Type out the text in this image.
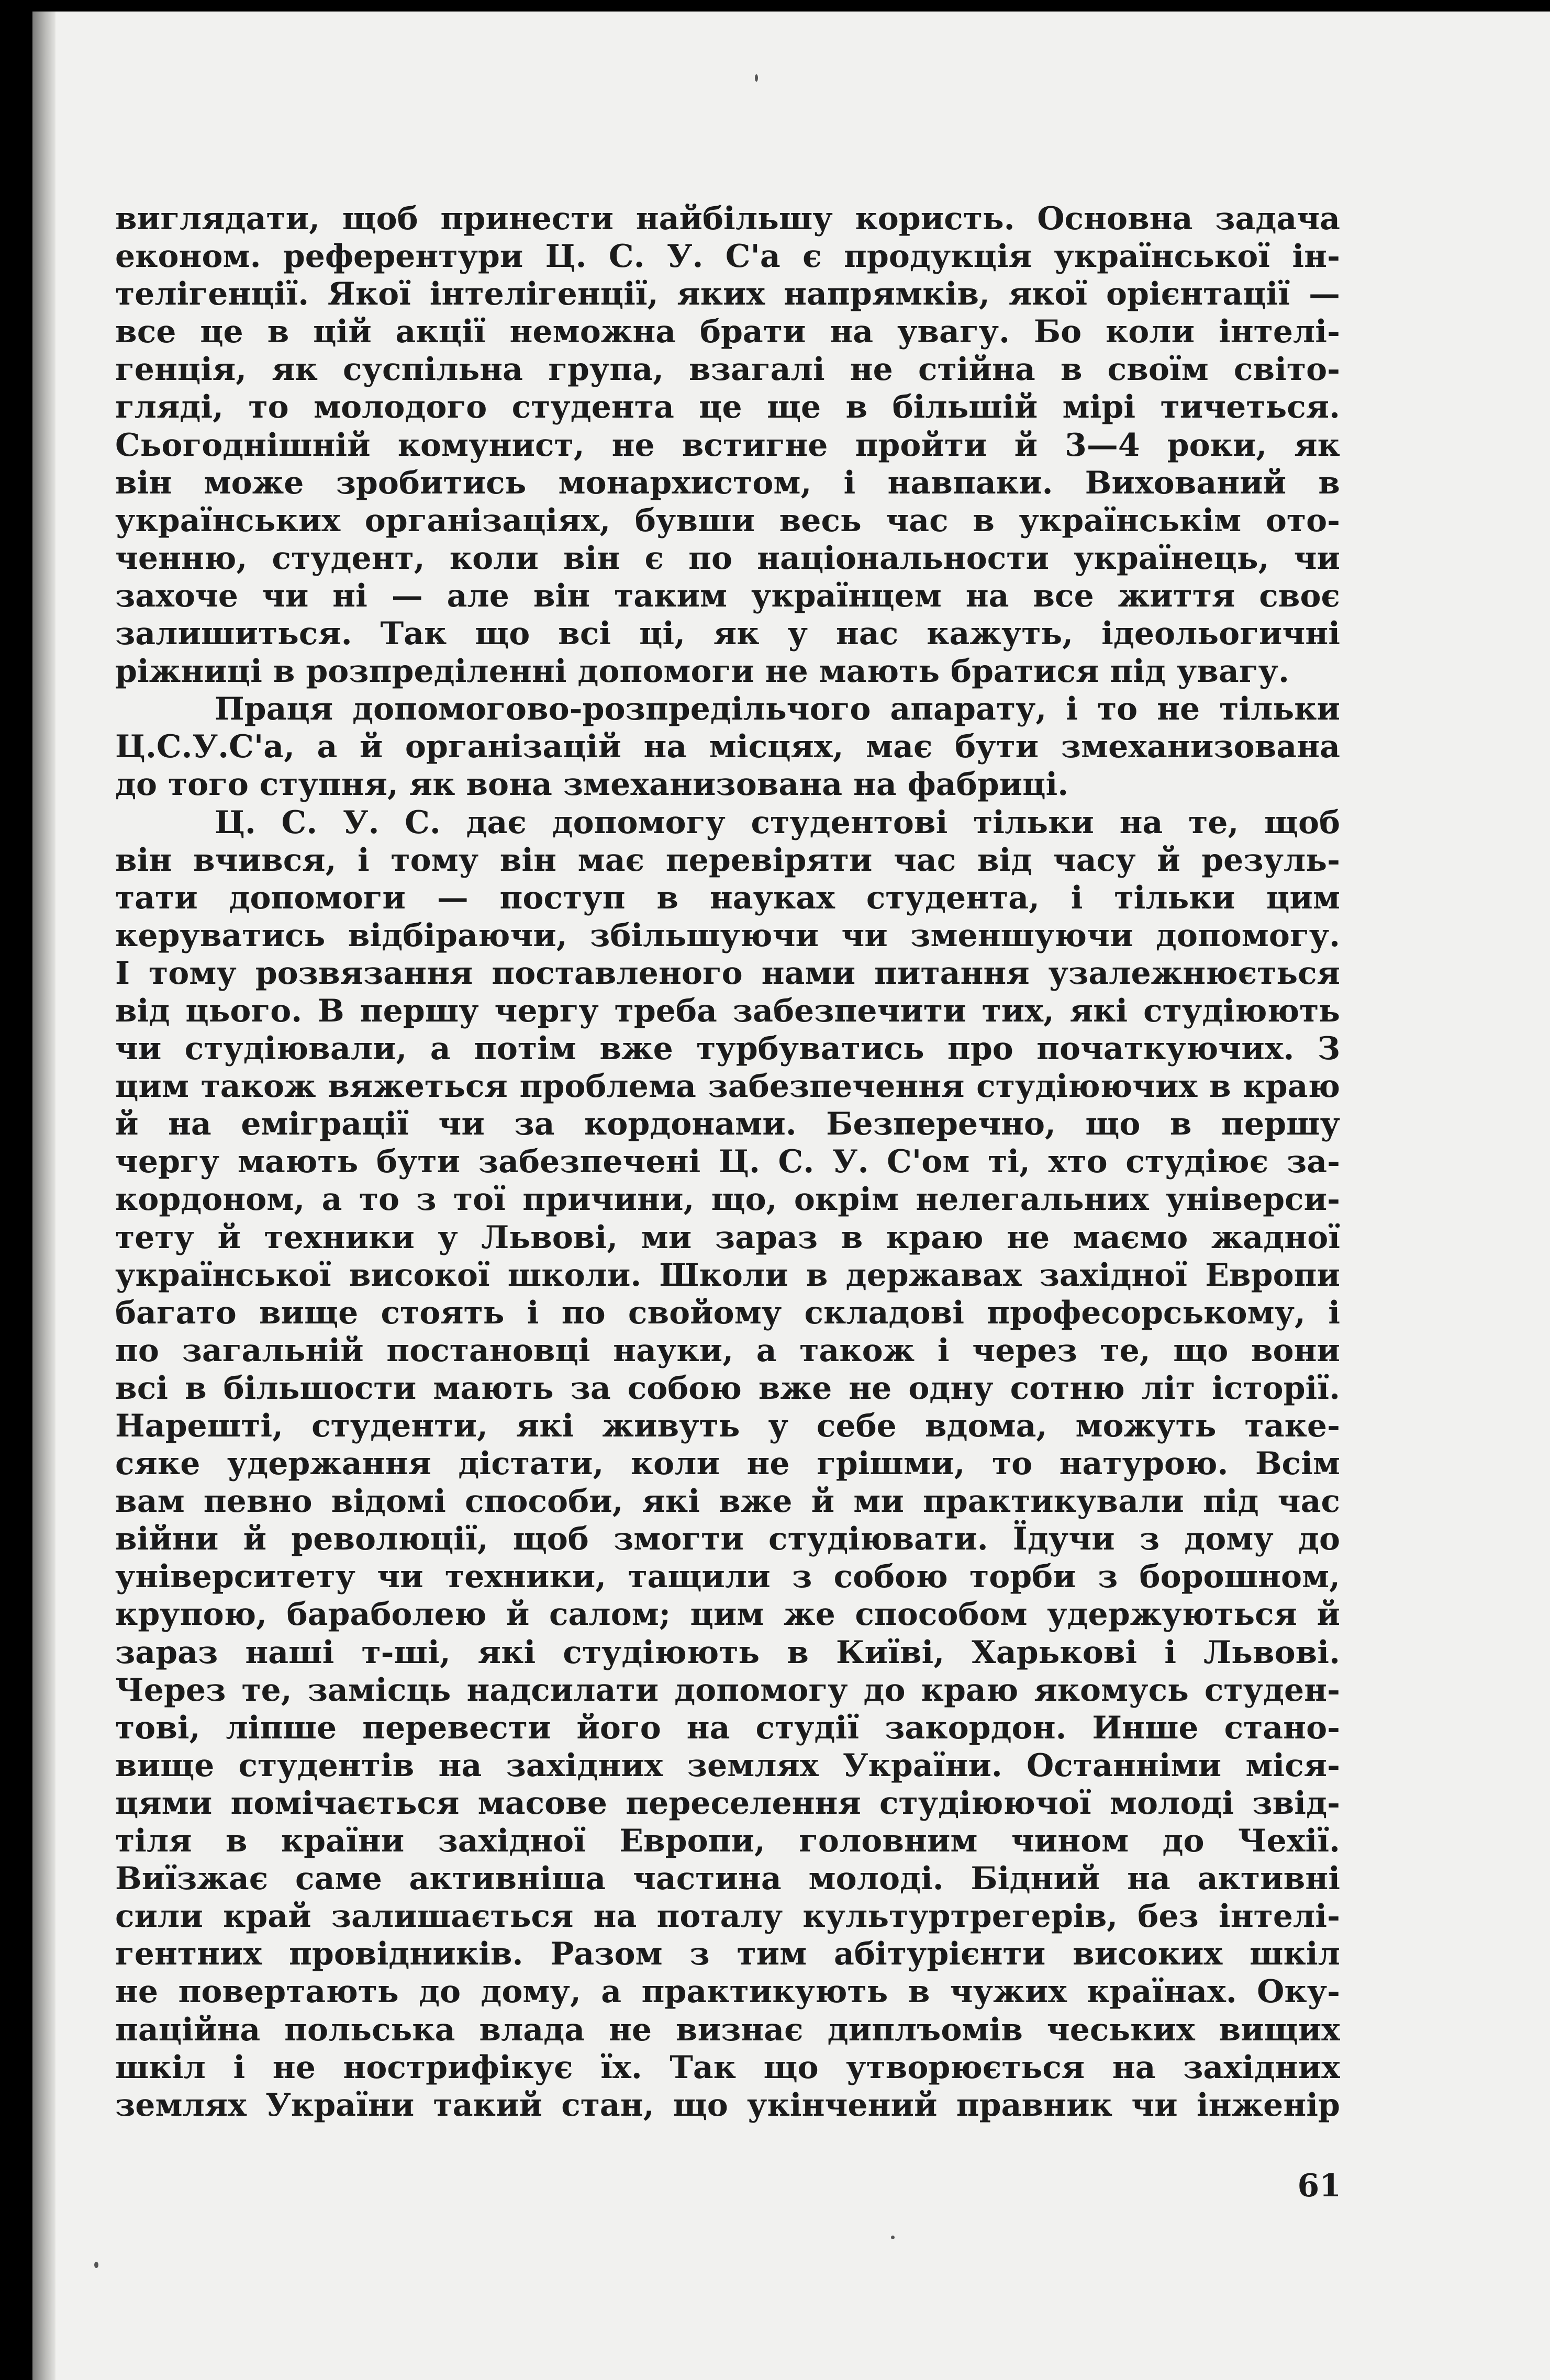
виглядати, щоб принести найбільшу користь. Основна задача
економ. референтури Ц. С. У. С'а є продукція української ін-
телігенції. Якої інтелігенції, яких напрямків, якої орієнтації —
все це в цій акції неможна брати на увагу. Бо коли інтелі-
генція, як суспільна група, взагалі не стійна в своїм світо-
гляді, то молодого студента це ще в більшій мірі тичеться.
Сьогоднішній комунист, не встигне пройти й 3—4 роки, як
він може зробитись монархистом, і навпаки. Вихований в
українських організаціях, бувши весь час в українськім ото-
ченню, студент, коли він є по національности українець, чи
захоче чи ні — але він таким українцем на все життя своє
залишиться. Так що всі ці, як у нас кажуть, ідеольогичні
ріжниці в розпреділенні допомоги не мають братися під увагу.
Праця допомогово-розпредільчого апарату, і то не тільки
Ц.С.У.С'а, а й організацій на місцях, має бути змеханизована
до того ступня, як вона змеханизована на фабриці.
Ц. С. У. С. дає допомогу студентові тільки на те, щоб
він вчився, і тому він має перевіряти час від часу й резуль-
тати допомоги — поступ в науках студента, і тільки цим
керуватись відбіраючи, збільшуючи чи зменшуючи допомогу.
І тому розвязання поставленого нами питання узалежнюється
від цього. В першу чергу треба забезпечити тих, які студіюють
чи студіювали, а потім вже турбуватись про початкуючих. З
цим також вяжеться проблема забезпечення студіюючих в краю
й на еміграції чи за кордонами. Безперечно, що в першу
чергу мають бути забезпечені Ц. С. У. С'ом ті, хто студіює за-
кордоном, а то з тої причини, що, окрім нелегальних універси-
тету й техники у Львові, ми зараз в краю не маємо жадної
української високої школи. Школи в державах західної Европи
багато вище стоять і по свойому складові професорському, і
по загальній постановці науки, а також і через те, що вони
всі в більшости мають за собою вже не одну сотню літ історії.
Нарешті, студенти, які живуть у себе вдома, можуть таке-
сяке удержання дістати, коли не грішми, то натурою. Всім
вам певно відомі способи, які вже й ми практикували під час
війни й революції, щоб змогти студіювати. Їдучи з дому до
університету чи техники, тащили з собою торби з борошном,
крупою, бараболею й салом; цим же способом удержуються й
зараз наші т-ші, які студіюють в Київі, Харькові і Львові.
Через те, замісць надсилати допомогу до краю якомусь студен-
тові, ліпше перевести його на студії закордон. Инше стано-
вище студентів на західних землях України. Останніми міся-
цями помічається масове переселення студіюючої молоді звід-
тіля в країни західної Европи, головним чином до Чехії.
Виїзжає саме активніша частина молоді. Бідний на активні
сили край залишається на поталу культуртрегерів, без інтелі-
гентних провідників. Разом з тим абітурієнти високих шкіл
не повертають до дому, а практикують в чужих країнах. Оку-
паційна польська влада не визнає диплъомів чеських вищих
шкіл і не нострифікує їх. Так що утворюється на західних
землях України такий стан, що укінчений правник чи інженір
61
